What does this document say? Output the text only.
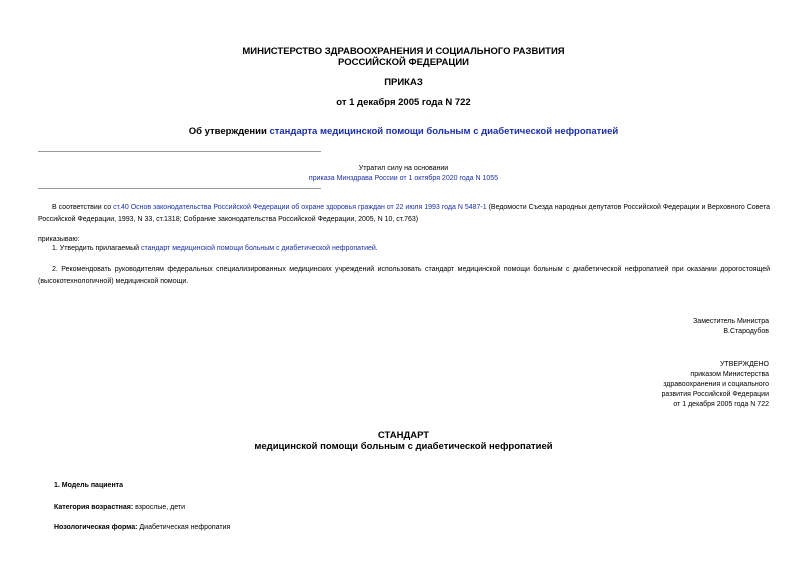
МИНИСТЕРСТВО ЗДРАВООХРАНЕНИЯ И СОЦИАЛЬНОГО РАЗВИТИЯ
РОССИЙСКОЙ ФЕДЕРАЦИИ
ПРИКАЗ
от 1 декабря 2005 года N 722
Об утверждении стандарта медицинской помощи больным с диабетической нефропатией
Утратил силу на основании
приказа Минздрава России от 1 октября 2020 года N 1055
В соответствии со ст.40 Основ законодательства Российской Федерации об охране здоровья граждан от 22 июля 1993 года N 5487-1 (Ведомости Съезда народных депутатов Российской Федерации и Верховного Совета Российской Федерации, 1993, N 33, ст.1318; Собрание законодательства Российской Федерации, 2005, N 10, ст.763)
приказываю:
1. Утвердить прилагаемый стандарт медицинской помощи больным с диабетической нефропатией.
2. Рекомендовать руководителям федеральных специализированных медицинских учреждений использовать стандарт медицинской помощи больным с диабетической нефропатией при оказании дорогостоящей (высокотехнологичной) медицинской помощи.
Заместитель Министра
В.Стародубов
УТВЕРЖДЕНО
приказом Министерства
здравоохранения и социального
развития Российской Федерации
от 1 декабря 2005 года N 722
СТАНДАРТ
медицинской помощи больным с диабетической нефропатией
1. Модель пациента
Категория возрастная: взрослые, дети
Нозологическая форма: Диабетическая нефропатия
